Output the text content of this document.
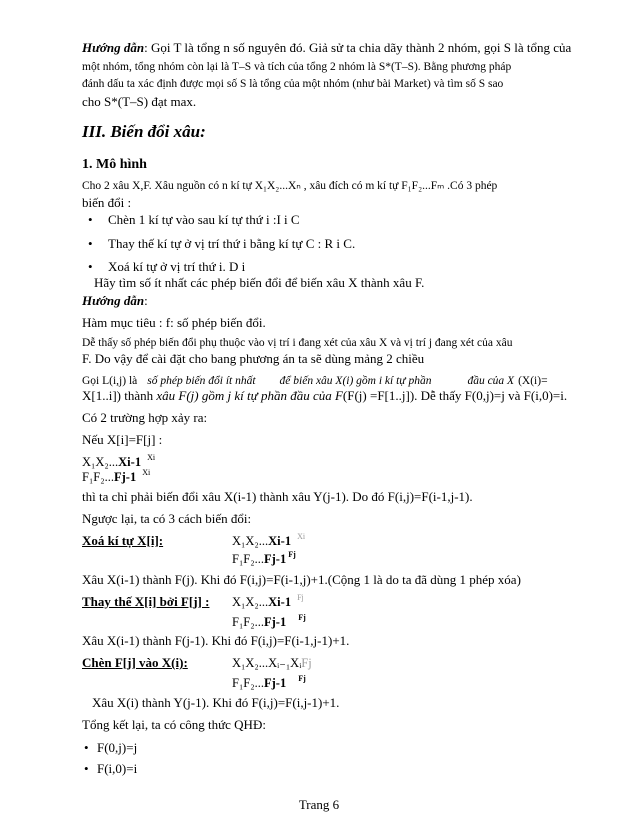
Hướng dẫn: Gọi T là tổng n số nguyên đó. Giả sử ta chia dãy thành 2 nhóm, gọi S là tổng của
một nhóm, tổng nhóm còn lại là T–S và tích của tổng 2 nhóm là S*(T–S). Bằng phương pháp
đánh dấu ta xác định được mọi số S là tổng của một nhóm (như bài Market) và tìm số S sao
cho S*(T–S) đạt max.
III. Biến đổi xâu:
1. Mô hình
Cho 2 xâu X,F. Xâu nguồn có n kí tự X₁X₂...Xₙ , xâu đích có m kí tự F₁F₂...Fₘ .Có 3 phép
biến đổi :
• Chèn 1 kí tự vào sau kí tự thứ i :I i C
• Thay thế kí tự ở vị trí thứ i bằng kí tự C : R i C.
• Xoá kí tự ở vị trí thứ i. D i
Hãy tìm số ít nhất các phép biến đổi để biến xâu X thành xâu F.
Hướng dẫn:
Hàm mục tiêu : f: số phép biến đổi.
Dễ thấy số phép biến đổi phụ thuộc vào vị trí i đang xét của xâu X và vị trí j đang xét của xâu
F. Do vậy để cài đặt cho bang phương án ta sẽ dùng mảng 2 chiều
Gọi L(i,j) là số phép biến đổi ít nhất để biến xâu X(i) gồm i kí tự phần	đầu của X (X(i)=
X[1..i]) thành xâu F(j) gồm j kí tự phần đầu của F(F(j) =F[1..j]). Dễ thấy F(0,j)=j và F(i,0)=i.
Có 2 trường hợp xảy ra:
Nếu X[i]=F[j] :
X₁X₂...Xi-1 $^{Xi}$
F₁F₂...Fj-1 $^{Xi}$
thì ta chỉ phải biến đổi xâu X(i-1) thành xâu Y(j-1). Do đó F(i,j)=F(i-1,j-1).
Ngược lại, ta có 3 cách biến đổi:
Xoá kí tự X[i]:	X₁X₂...Xi-1 $^{Xi}$
F₁F₂...Fj-1 $^{Fj}$
Xâu X(i-1) thành F(j). Khi đó F(i,j)=F(i-1,j)+1.(Cộng 1 là do ta đã dùng 1 phép xóa)
Thay thế X[i] bởi F[j] : X₁X₂...Xi-1 $^{Fj}$
F₁F₂...Fj-1 $^{Fj}$
Xâu X(i-1) thành F(j-1). Khi đó F(i,j)=F(i-1,j-1)+1.
Chèn F[j] vào X(i):	X₁X₂...Xᵢ₋₁XᵢFj
F₁F₂...Fj-1 $^{Fj}$
Xâu X(i) thành Y(j-1). Khi đó F(i,j)=F(i,j-1)+1.
Tổng kết lại, ta có công thức QHĐ:
• F(0,j)=j
• F(i,0)=i
Trang 6
